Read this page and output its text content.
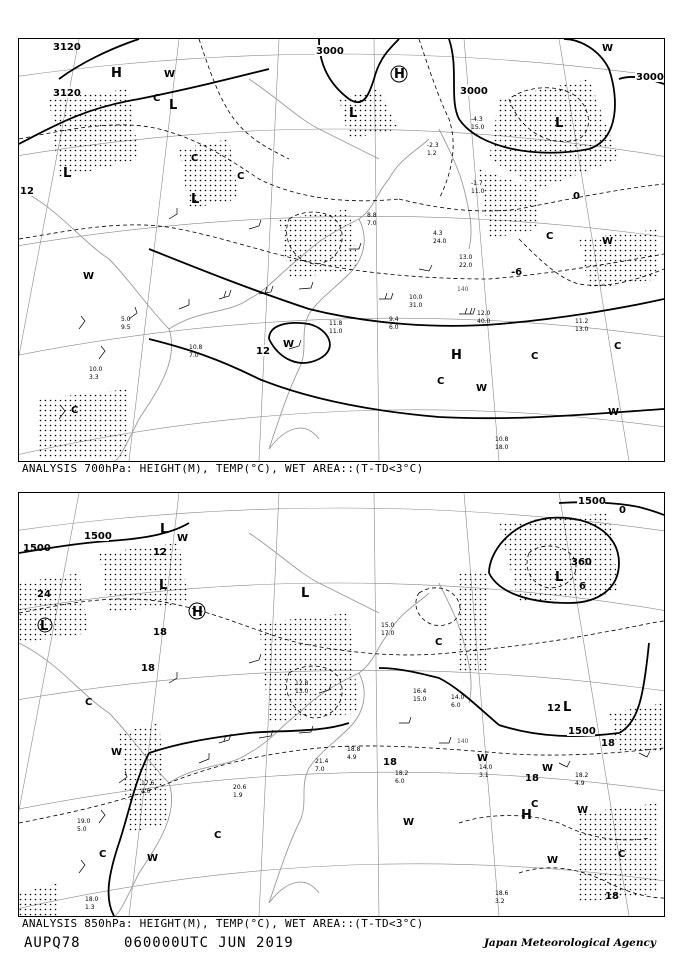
140
3120
3120
3000
3000
3000
12
12
-6
0
H	H
H
L
L
L
L
L
W
W
W
W
W
W
W
C
C
C
C
C
C
C
C
10.8
18.0
12.0
40.0	11.2
13.0
9.4
6.0
11.8
11.0
10.0
31.0
10.8
7.0
10.0
3.3
5.0
9.5
13.0
22.0
-4.3
15.0
-2.3
1.2
-1.7
11.0
4.3
24.0
8.8
7.0
ANALYSIS 700hPa: HEIGHT(M), TEMP(°C), WET AREA::(T-TD<3°C)
140
1500
1500
1500
1500	12
12
18
18
18
18
18
18
24
0
360
6
H
H
L
L
L
L
L
L
W
W
W
W
W
W
W
W
C
C
C
C
C
C
18.6
3.2
14.0
3.1
18.2
6.0
18.2
4.9
18.8
4.9
21.4
7.0
20.6
1.9
17.6
4.0
14.0
6.0
16.4
15.0
12.8
13.0
15.0
17.0
19.0
5.0
18.0
1.3
ANALYSIS 850hPa: HEIGHT(M), TEMP(°C), WET AREA::(T-TD<3°C)
AUPQ78	060000UTC JUN 2019	Japan Meteorological Agency
